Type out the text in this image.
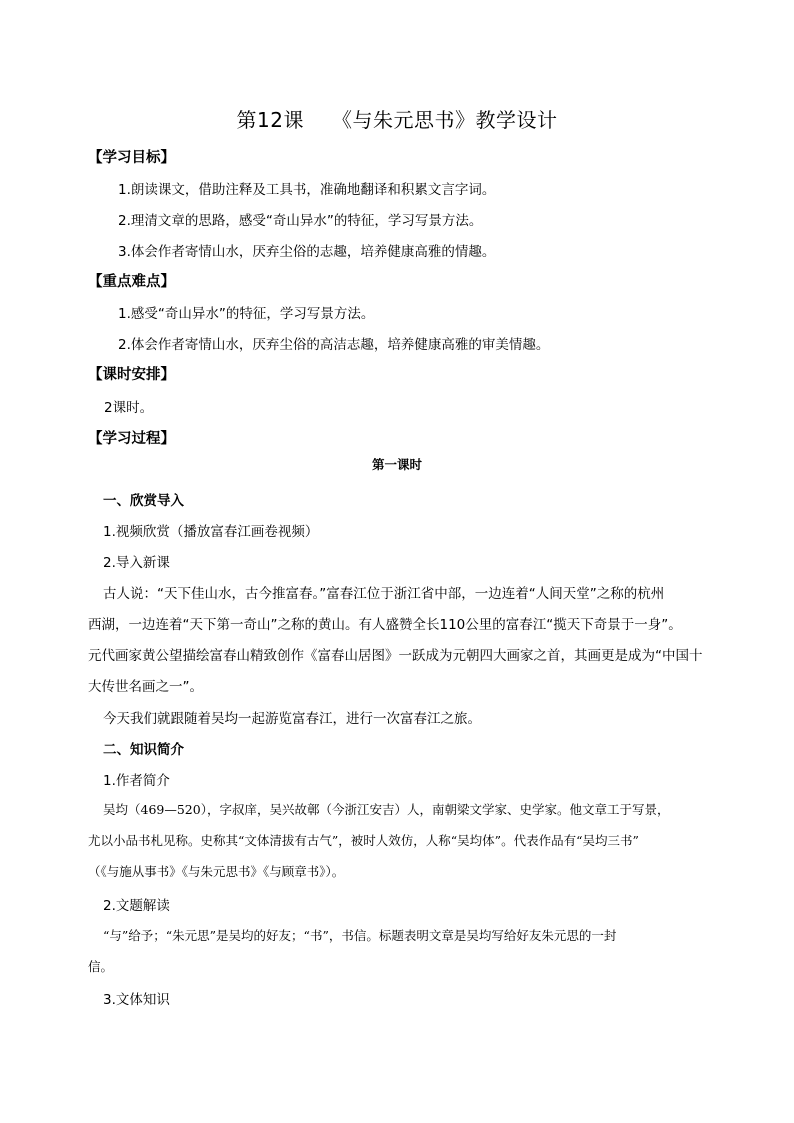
第12课 《与朱元思书》教学设计
【学习目标】
1.朗读课文，借助注释及工具书，准确地翻译和积累文言字词。
2.理清文章的思路，感受“奇山异水”的特征，学习写景方法。
3.体会作者寄情山水，厌弃尘俗的志趣，培养健康高雅的情趣。
【重点难点】
1.感受“奇山异水”的特征，学习写景方法。
2.体会作者寄情山水，厌弃尘俗的高洁志趣，培养健康高雅的审美情趣。
【课时安排】
2课时。
【学习过程】
第一课时
一、欣赏导入
1.视频欣赏（播放富春江画卷视频）
2.导入新课
古人说：“天下佳山水，古今推富春。”富春江位于浙江省中部，一边连着“人间天堂”之称的杭州
西湖，一边连着“天下第一奇山”之称的黄山。有人盛赞全长110公里的富春江“揽天下奇景于一身”。
元代画家黄公望描绘富春山精致创作《富春山居图》一跃成为元朝四大画家之首，其画更是成为“中国十
大传世名画之一”。
今天我们就跟随着吴均一起游览富春江，进行一次富春江之旅。
二、知识简介
1.作者简介
吴均（469—520），字叔庠，吴兴故鄣（今浙江安吉）人，南朝梁文学家、史学家。他文章工于写景，
尤以小品书札见称。史称其“文体清拔有古气”，被时人效仿，人称“吴均体”。代表作品有“吴均三书”
（《与施从事书》《与朱元思书》《与顾章书》）。
2.文题解读
“与”给予；“朱元思”是吴均的好友；“书”，书信。标题表明文章是吴均写给好友朱元思的一封
信。
3.文体知识
